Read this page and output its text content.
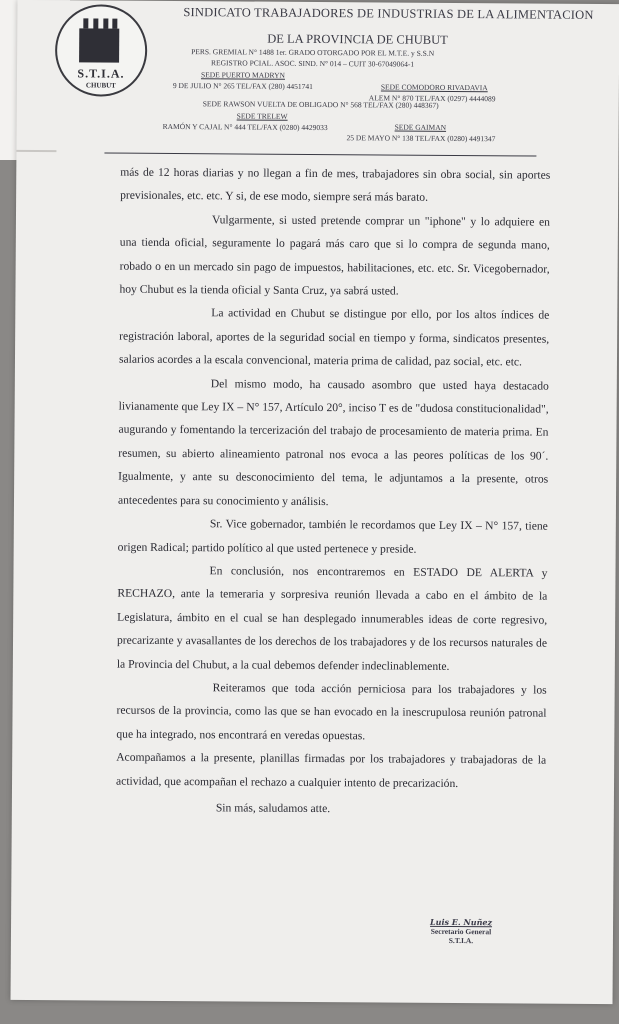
S.T.I.A.
CHUBUT
SINDICATO TRABAJADORES DE INDUSTRIAS DE LA ALIMENTACION
DE LA PROVINCIA DE CHUBUT
PERS. GREMIAL N° 1488 1er. GRADO OTORGADO POR EL M.T.E. y S.S.N
REGISTRO PCIAL. ASOC. SIND. N° 014 – CUIT 30-67049064-1
SEDE PUERTO MADRYN
9 DE JULIO N° 265 TEL/FAX (280) 4451741	SEDE COMODORO RIVADAVIA
ALEM N° 870 TEL/FAX (0297) 4444089
SEDE RAWSON VUELTA DE OBLIGADO N° 568 TEL/FAX (280) 448367)
SEDE TRELEW
RAMÓN Y CAJAL N° 444 TEL/FAX (0280) 4429033	SEDE GAIMAN
25 DE MAYO N° 138 TEL/FAX (0280) 4491347

más de 12 horas diarias y no llegan a fin de mes, trabajadores sin obra social, sin aportes previsionales, etc. etc. Y si, de ese modo, siempre será más barato.

Vulgarmente, si usted pretende comprar un "iphone" y lo adquiere en una tienda oficial, seguramente lo pagará más caro que si lo compra de segunda mano, robado o en un mercado sin pago de impuestos, habilitaciones, etc. etc. Sr. Vicegobernador, hoy Chubut es la tienda oficial y Santa Cruz, ya sabrá usted.

La actividad en Chubut se distingue por ello, por los altos índices de registración laboral, aportes de la seguridad social en tiempo y forma, sindicatos presentes, salarios acordes a la escala convencional, materia prima de calidad, paz social, etc. etc.

Del mismo modo, ha causado asombro que usted haya destacado livianamente que Ley IX – N° 157, Artículo 20°, inciso T es de "dudosa constitucionalidad", augurando y fomentando la tercerización del trabajo de procesamiento de materia prima. En resumen, su abierto alineamiento patronal nos evoca a las peores políticas de los 90´. Igualmente, y ante su desconocimiento del tema, le adjuntamos a la presente, otros antecedentes para su conocimiento y análisis.

Sr. Vice gobernador, también le recordamos que Ley IX – N° 157, tiene origen Radical; partido político al que usted pertenece y preside.

En conclusión, nos encontraremos en ESTADO DE ALERTA y RECHAZO, ante la temeraria y sorpresiva reunión llevada a cabo en el ámbito de la Legislatura, ámbito en el cual se han desplegado innumerables ideas de corte regresivo, precarizante y avasallantes de los derechos de los trabajadores y de los recursos naturales de la Provincia del Chubut, a la cual debemos defender indeclinablemente.

Reiteramos que toda acción perniciosa para los trabajadores y los recursos de la provincia, como las que se han evocado en la inescrupulosa reunión patronal que ha integrado, nos encontrará en veredas opuestas.

Acompañamos a la presente, planillas firmadas por los trabajadores y trabajadoras de la actividad, que acompañan el rechazo a cualquier intento de precarización.

Sin más, saludamos atte.

Luis E. Nuñez
Secretario General
S.T.I.A.
